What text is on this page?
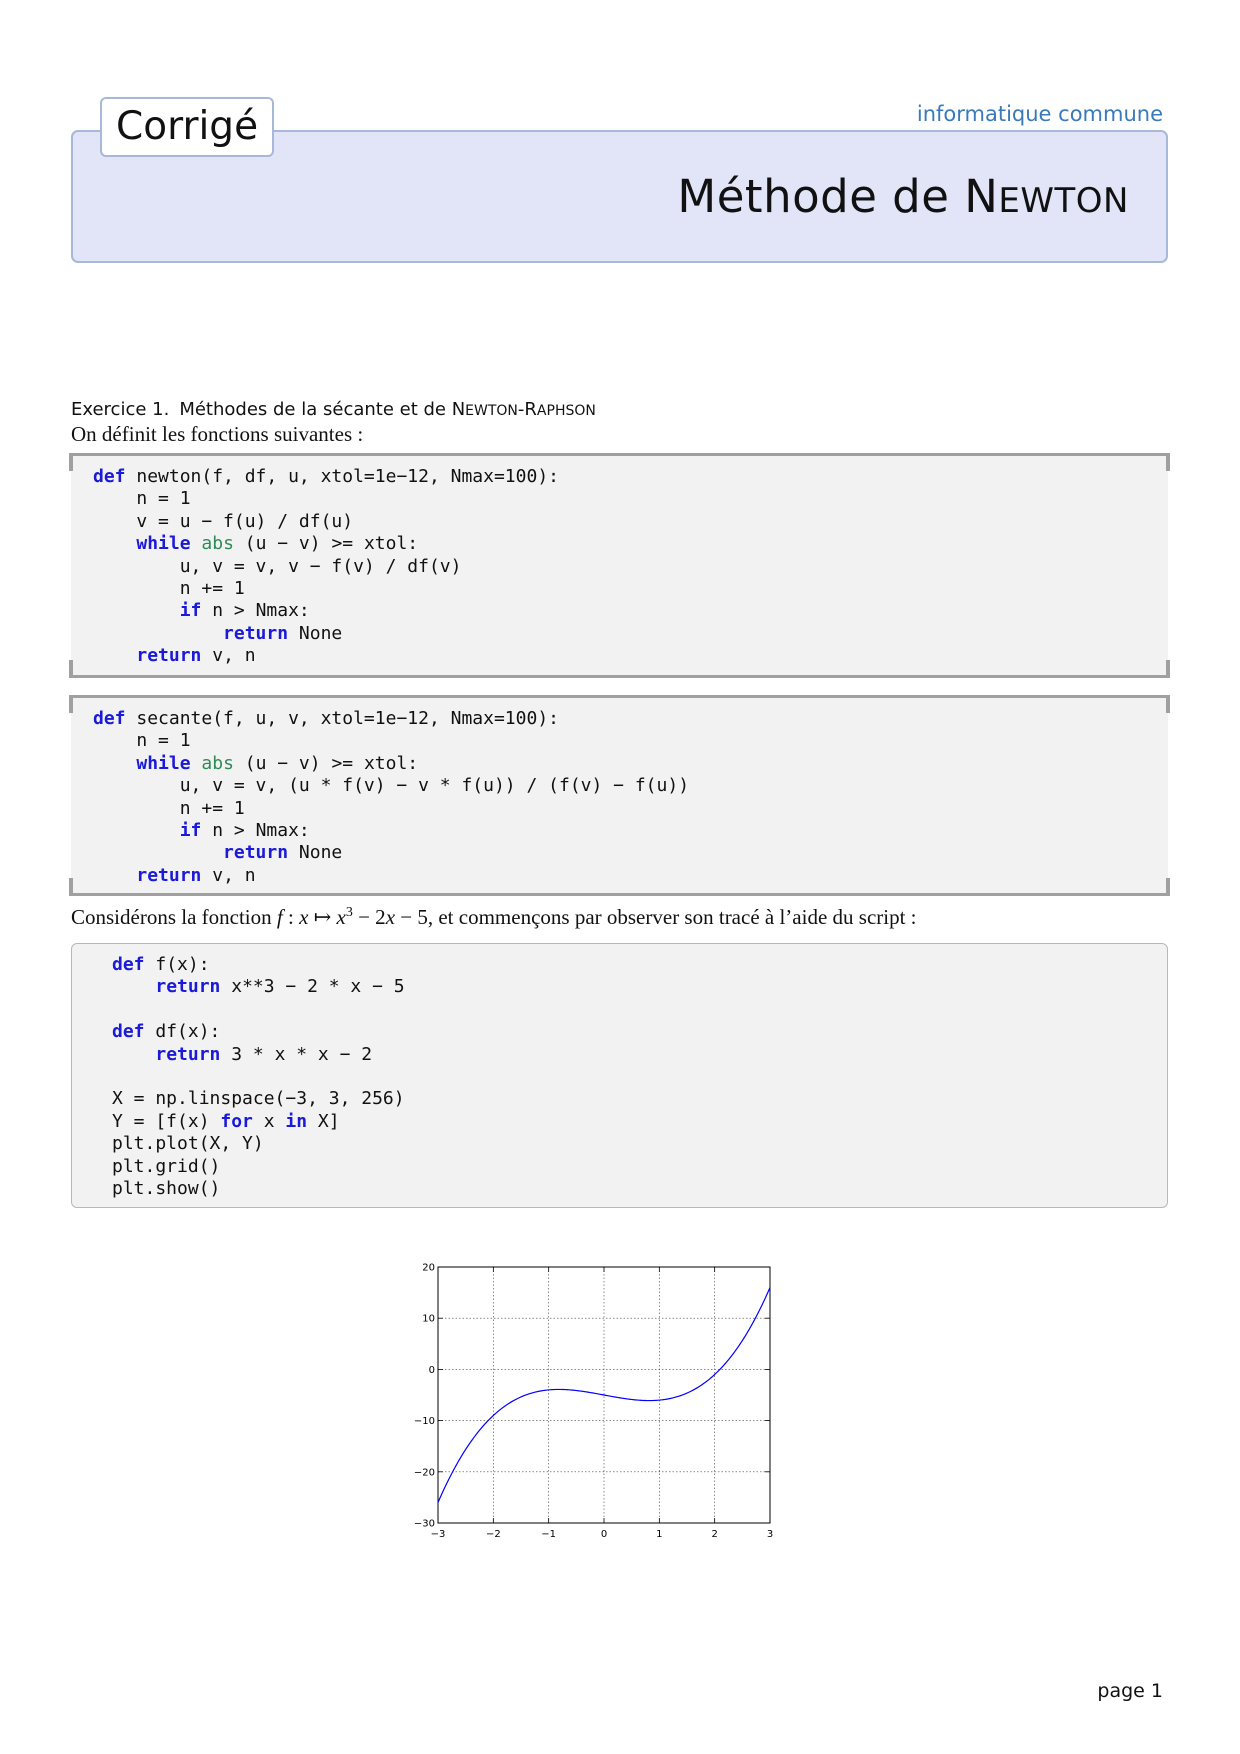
informatique commune
Corrigé
Méthode de NEWTON
Exercice 1. Méthodes de la sécante et de NEWTON-RAPHSON
On définit les fonctions suivantes :
def newton(f, df, u, xtol=1e−12, Nmax=100):
n = 1
v = u − f(u) / df(u)
while abs (u − v) >= xtol:
u, v = v, v − f(v) / df(v)
n += 1
if n > Nmax:
return None
return v, n
def secante(f, u, v, xtol=1e−12, Nmax=100):
n = 1
while abs (u − v) >= xtol:
u, v = v, (u * f(v) − v * f(u)) / (f(v) − f(u))
n += 1
if n > Nmax:
return None
return v, n
Considérons la fonction f : x ↦ $x^3 - 2x - 5$, et commençons par observer son tracé à l’aide du script :
def f(x):
return x**3 − 2 * x − 5
def df(x):
return 3 * x * x − 2
X = np.linspace(−3, 3, 256)
Y = [f(x) for x in X]
plt.plot(X, Y)
plt.grid()
plt.show()
−3	−2	−1	0	1	2	3
−30
−20
−10
0
10
20
page 1
